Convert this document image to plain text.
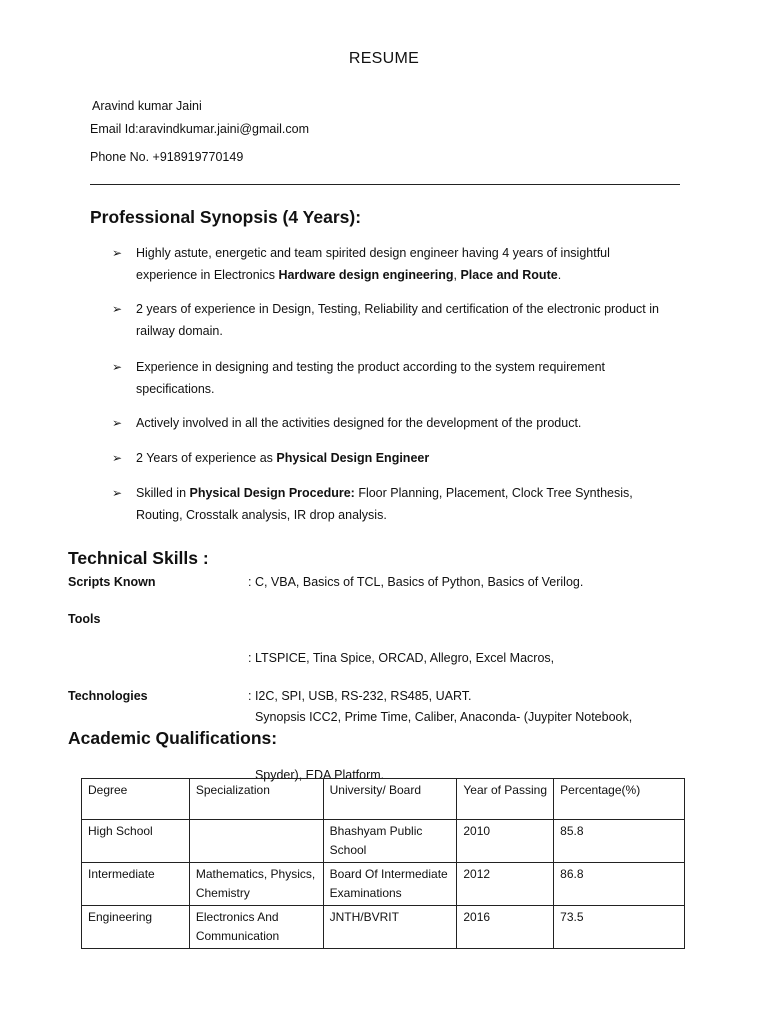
RESUME
Aravind kumar Jaini
Email Id:aravindkumar.jaini@gmail.com
Phone No. +918919770149
Professional Synopsis (4 Years):
➢ Highly astute, energetic and team spirited design engineer having 4 years of insightful experience in Electronics Hardware design engineering, Place and Route.
➢ 2 years of experience in Design, Testing, Reliability and certification of the electronic product in railway domain.
➢ Experience in designing and testing the product according to the system requirement specifications.
➢ Actively involved in all the activities designed for the development of the product.
➢ 2 Years of experience as Physical Design Engineer
➢ Skilled in Physical Design Procedure: Floor Planning, Placement, Clock Tree Synthesis, Routing, Crosstalk analysis, IR drop analysis.
Technical Skills :
Scripts Known	: C, VBA, Basics of TCL, Basics of Python, Basics of Verilog.
Tools

: LTSPICE, Tina Spice, ORCAD, Allegro, Excel Macros,

Synopsis ICC2, Prime Time, Caliber, Anaconda- (Juypiter Notebook,

Spyder), EDA Platform.

Technologies	: I2C, SPI, USB, RS-232, RS485, UART.
Academic Qualifications:
Degree	Specialization	University/ Board	Year of Passing	Percentage(%)
High School		Bhashyam Public School	2010	85.8
Intermediate	Mathematics, Physics, Chemistry	Board Of Intermediate Examinations	2012	86.8
Engineering	Electronics And Communication	JNTH/BVRIT	2016	73.5
